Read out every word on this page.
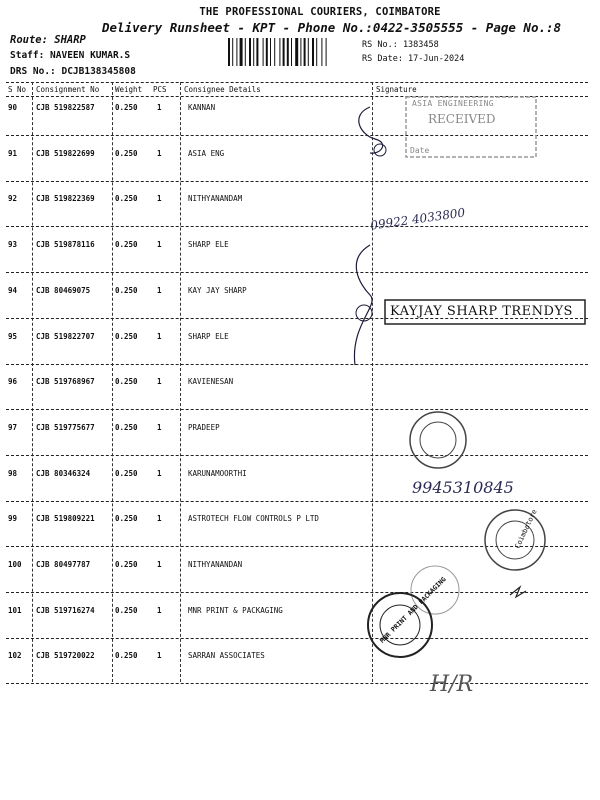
THE PROFESSIONAL COURIERS, COIMBATORE
Delivery Runsheet - KPT - Phone No.:0422-3505555 - Page No.:8
Route: SHARP
Staff: NAVEEN KUMAR.S
DRS No.: DCJB138345808
RS No.: 1383458
RS Date: 17-Jun-2024
S No Consignment No Weight PCS Consignee Details	Signature
90	CJB 519822587	0.250	1	KANNAN
91	CJB 519822699	0.250	1	ASIA ENG
92	CJB 519822369	0.250	1	NITHYANANDAM
93	CJB 519878116	0.250	1	SHARP ELE
94	CJB 80469075	0.250	1	KAY JAY SHARP
95	CJB 519822707	0.250	1	SHARP ELE
96	CJB 519768967	0.250	1	KAVIENESAN
97	CJB 519775677	0.250	1	PRADEEP
98	CJB 80346324	0.250	1	KARUNAMOORTHI
99	CJB 519809221	0.250	1	ASTROTECH FLOW CONTROLS P LTD
100 CJB 80497787	0.250	1	NITHYANANDAN
101 CJB 519716274	0.250	1	MNR PRINT & PACKAGING
102 CJB 519720022	0.250	1	SARRAN ASSOCIATES
ASIA ENGINEERING
RECEIVED
Date
09922 4033800
KAYJAY SHARP TRENDYS
9945310845
MNR PRINT AND PACKAGING
Coimbatore
H/R
